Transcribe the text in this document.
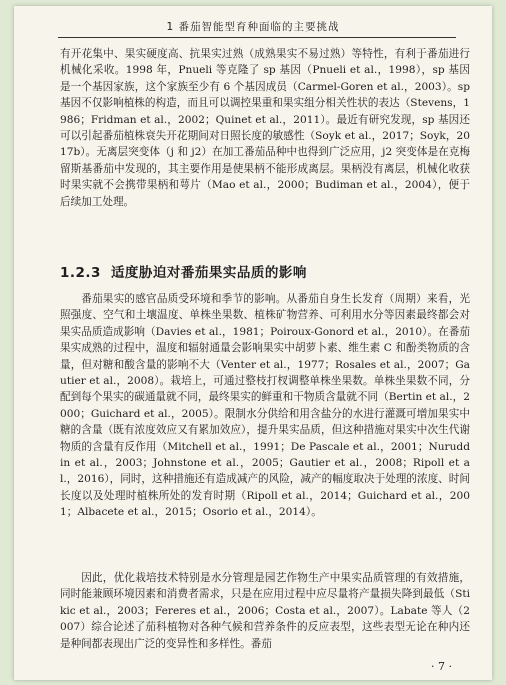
1 番茄智能型育种面临的主要挑战
有开花集中、果实硬度高、抗果实过熟（成熟果实不易过熟）等特性，有利于番茄进行机械化采收。1998 年，Pnueli 等克隆了 sp 基因（Pnueli et al.，1998），sp 基因是一个基因家族，这个家族至少有 6 个基因成员（Carmel-Goren et al.，2003）。sp 基因不仅影响植株的构造，而且可以调控果重和果实组分相关性状的表达（Stevens，1986；Fridman et al.，2002；Quinet et al.，2011）。最近有研究发现，sp 基因还可以引起番茄植株衰失开花期间对日照长度的敏感性（Soyk et al.，2017；Soyk，2017b）。无离层突变体（j 和 j2）在加工番茄品种中也得到广泛应用，j2 突变体是在克梅留斯基番茄中发现的，其主要作用是使果柄不能形成离层。果柄没有离层，机械化收获时果实就不会携带果柄和萼片（Mao et al.，2000；Budiman et al.，2004），便于后续加工处理。
1.2.3 适度胁迫对番茄果实品质的影响
番茄果实的感官品质受环境和季节的影响。从番茄自身生长发育（周期）来看，光照强度、空气和土壤温度、单株坐果数、植株矿物营养、可利用水分等因素最终都会对果实品质造成影响（Davies et al.，1981；Poiroux-Gonord et al.，2010）。在番茄果实成熟的过程中，温度和辐射通量会影响果实中胡萝卜素、维生素 C 和酚类物质的含量，但对糖和酸含量的影响不大（Venter et al.，1977；Rosales et al.，2007；Gautier et al.，2008）。栽培上，可通过整枝打杈调整单株坐果数。单株坐果数不同，分配到每个果实的碳通量就不同，最终果实的鲜重和干物质含量就不同（Bertin et al.，2000；Guichard et al.，2005）。限制水分供给和用含盐分的水进行灌溉可增加果实中糖的含量（既有浓度效应又有累加效应），提升果实品质，但这种措施对果实中次生代谢物质的含量有反作用（Mitchell et al.，1991；De Pascale et al.，2001；Nuruddin et al.，2003；Johnstone et al.，2005；Gautier et al.，2008；Ripoll et al.，2016），同时，这种措施还有造成减产的风险，减产的幅度取决于处理的浓度、时间长度以及处理时植株所处的发育时期（Ripoll et al.，2014；Guichard et al.，2001；Albacete et al.，2015；Osorio et al.，2014）。
因此，优化栽培技术特别是水分管理是园艺作物生产中果实品质管理的有效措施，同时能兼顾环境因素和消费者需求，只是在应用过程中应尽量将产量损失降到最低（Stikic et al.，2003；Fereres et al.，2006；Costa et al.，2007）。Labate 等人（2007）综合论述了茄科植物对各种气候和营养条件的反应表型，这些表型无论在种内还是种间都表现出广泛的变异性和多样性。番茄
· 7 ·
